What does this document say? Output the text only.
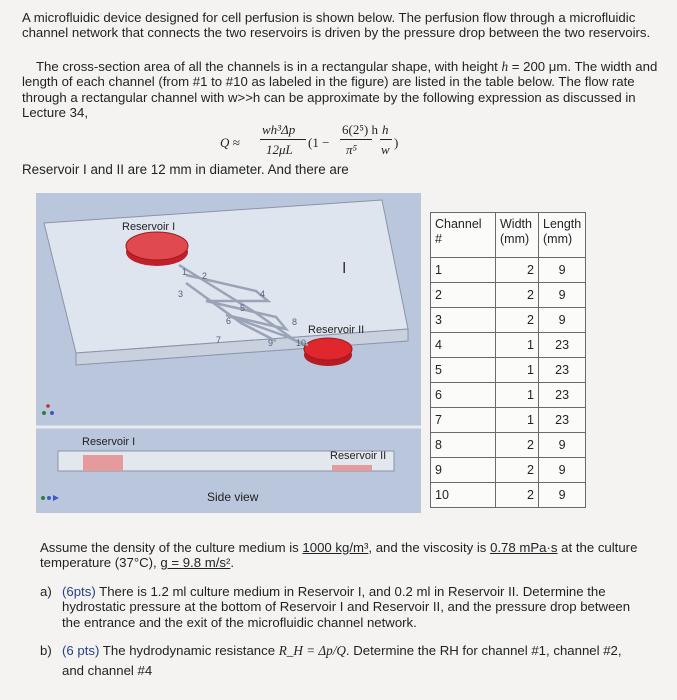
A microfluidic device designed for cell perfusion is shown below. The perfusion flow through a microfluidic channel network that connects the two reservoirs is driven by the pressure drop between the two reservoirs.
The cross-section area of all the channels is in a rectangular shape, with height h = 200 μm. The width and length of each channel (from #1 to #10 as labeled in the figure) are listed in the table below. The flow rate through a rectangular channel with w>>h can be approximate by the following expression as discussed in Lecture 34,
Q ≈
wh³Δp
12μL (1 −
6(2⁵) h
π⁵
h
w )
Reservoir I and II are 12 mm in diameter. And there are
1 2
3	4
5
6
7
8
9	10
Reservoir I
Reservoir II
I
Reservoir I
Reservoir II
Side view
Channel #	Width (mm)	Length (mm)
1	2	9
2	2	9
3	2	9
4	1	23
5	1	23
6	1	23
7	1	23
8	2	9
9	2	9
10	2	9
Assume the density of the culture medium is 1000 kg/m³, and the viscosity is 0.78 mPa·s at the culture temperature (37°C), g = 9.8 m/s².
a) (6pts) There is 1.2 ml culture medium in Reservoir I, and 0.2 ml in Reservoir II. Determine the hydrostatic pressure at the bottom of Reservoir I and Reservoir II, and the pressure drop between the entrance and the exit of the microfluidic channel network.
b) (6 pts) The hydrodynamic resistance R_H = Δp/Q. Determine the RH for channel #1, channel #2,
and channel #4
